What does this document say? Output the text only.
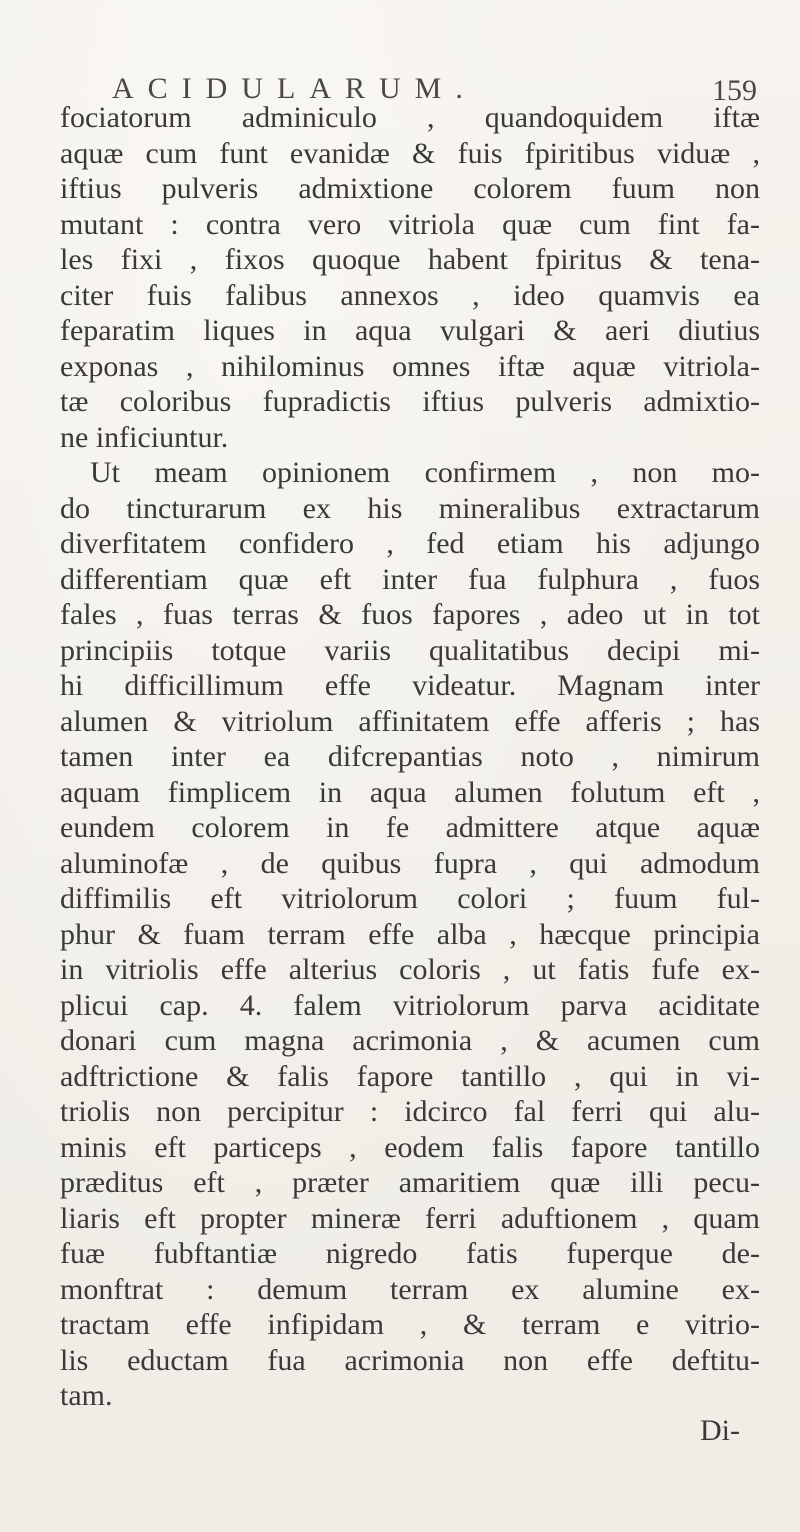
ACIDULARUM.	159
fociatorum adminiculo , quandoquidem iftæ
aquæ cum funt evanidæ & fuis fpiritibus viduæ ,
iftius pulveris admixtione colorem fuum non
mutant : contra vero vitriola quæ cum fint fa-
les fixi , fixos quoque habent fpiritus & tena-
citer fuis falibus annexos , ideo quamvis ea
feparatim liques in aqua vulgari & aeri diutius
exponas , nihilominus omnes iftæ aquæ vitriola-
tæ coloribus fupradictis iftius pulveris admixtio-
ne inficiuntur.
Ut meam opinionem confirmem , non mo-
do tincturarum ex his mineralibus extractarum
diverfitatem confidero , fed etiam his adjungo
differentiam quæ eft inter fua fulphura , fuos
fales , fuas terras & fuos fapores , adeo ut in tot
principiis totque variis qualitatibus decipi mi-
hi difficillimum effe videatur. Magnam inter
alumen & vitriolum affinitatem effe afferis ; has
tamen inter ea difcrepantias noto , nimirum
aquam fimplicem in aqua alumen folutum eft ,
eundem colorem in fe admittere atque aquæ
aluminofæ , de quibus fupra , qui admodum
diffimilis eft vitriolorum colori ; fuum ful-
phur & fuam terram effe alba , hæcque principia
in vitriolis effe alterius coloris , ut fatis fufe ex-
plicui cap. 4. falem vitriolorum parva aciditate
donari cum magna acrimonia , & acumen cum
adftrictione & falis fapore tantillo , qui in vi-
triolis non percipitur : idcirco fal ferri qui alu-
minis eft particeps , eodem falis fapore tantillo
præditus eft , præter amaritiem quæ illi pecu-
liaris eft propter mineræ ferri aduftionem , quam
fuæ fubftantiæ nigredo fatis fuperque de-
monftrat : demum terram ex alumine ex-
tractam effe infipidam , & terram e vitrio-
lis eductam fua acrimonia non effe deftitu-
tam.
Di-
